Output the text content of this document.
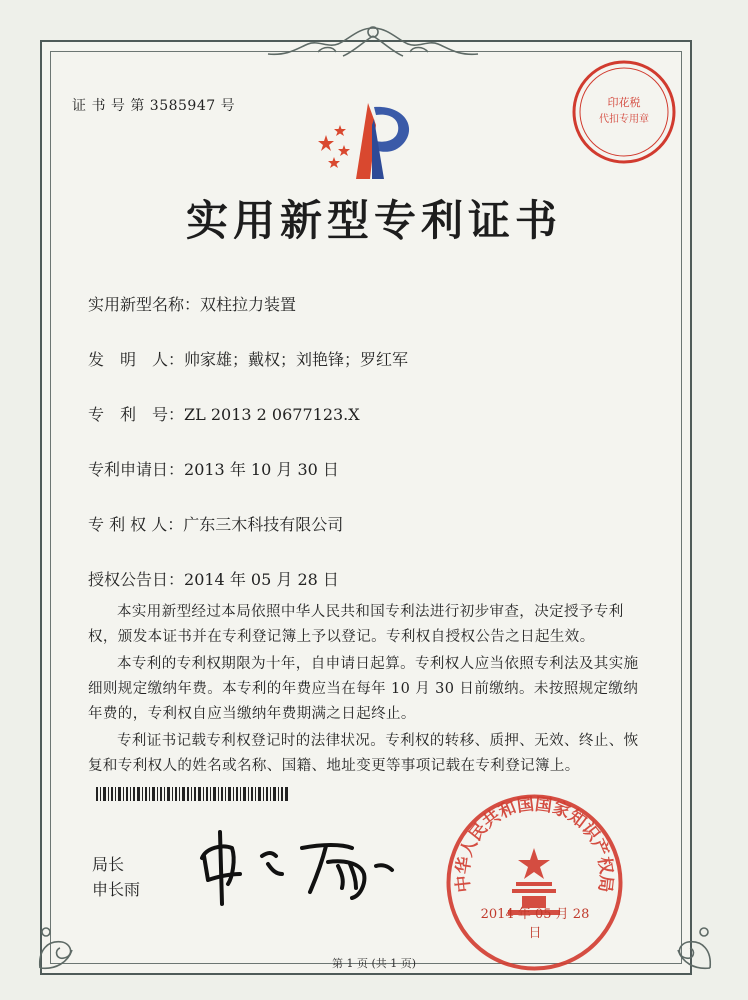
证 书 号 第 3585947 号
实用新型专利证书
实用新型名称：双柱拉力装置
发　明　人：帅家雄；戴权；刘艳锋；罗红军
专　利　号：ZL 2013 2 0677123.X
专利申请日：2013 年 10 月 30 日
专 利 权 人：广东三木科技有限公司
授权公告日：2014 年 05 月 28 日

本实用新型经过本局依照中华人民共和国专利法进行初步审查，决定授予专利权，颁发本证书并在专利登记簿上予以登记。专利权自授权公告之日起生效。

本专利的专利权期限为十年，自申请日起算。专利权人应当依照专利法及其实施细则规定缴纳年费。本专利的年费应当在每年 10 月 30 日前缴纳。未按照规定缴纳年费的，专利权自应当缴纳年费期满之日起终止。

专利证书记载专利权登记时的法律状况。专利权的转移、质押、无效、终止、恢复和专利权人的姓名或名称、国籍、地址变更等事项记载在专利登记簿上。

局长
申长雨
印花税
代扣专用章
中华人民共和国国家知识产权局
2014 年 05 月 28 日
第 1 页 (共 1 页)
